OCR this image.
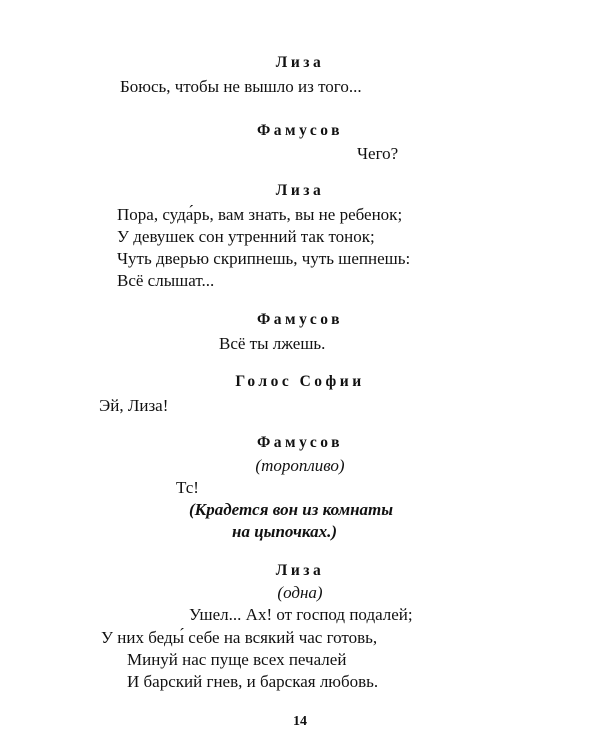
Лиза

Боюсь, чтобы не вышло из того...

Фамусов

Чего?

Лиза

Пора, суда́рь, вам знать, вы не ребенок;

У девушек сон утренний так тонок;

Чуть дверью скрипнешь, чуть шепнешь:

Всё слышат...

Фамусов

Всё ты лжешь.

Голос Софии

Эй, Лиза!

Фамусов

(торопливо)

Тс!

(Крадется вон из комнаты

на цыпочках.)

Лиза

(одна)

Ушел... Ах! от господ подалей;

У них беды́ себе на всякий час готовь,

Минуй нас пуще всех печалей

И барский гнев, и барская любовь.

14
